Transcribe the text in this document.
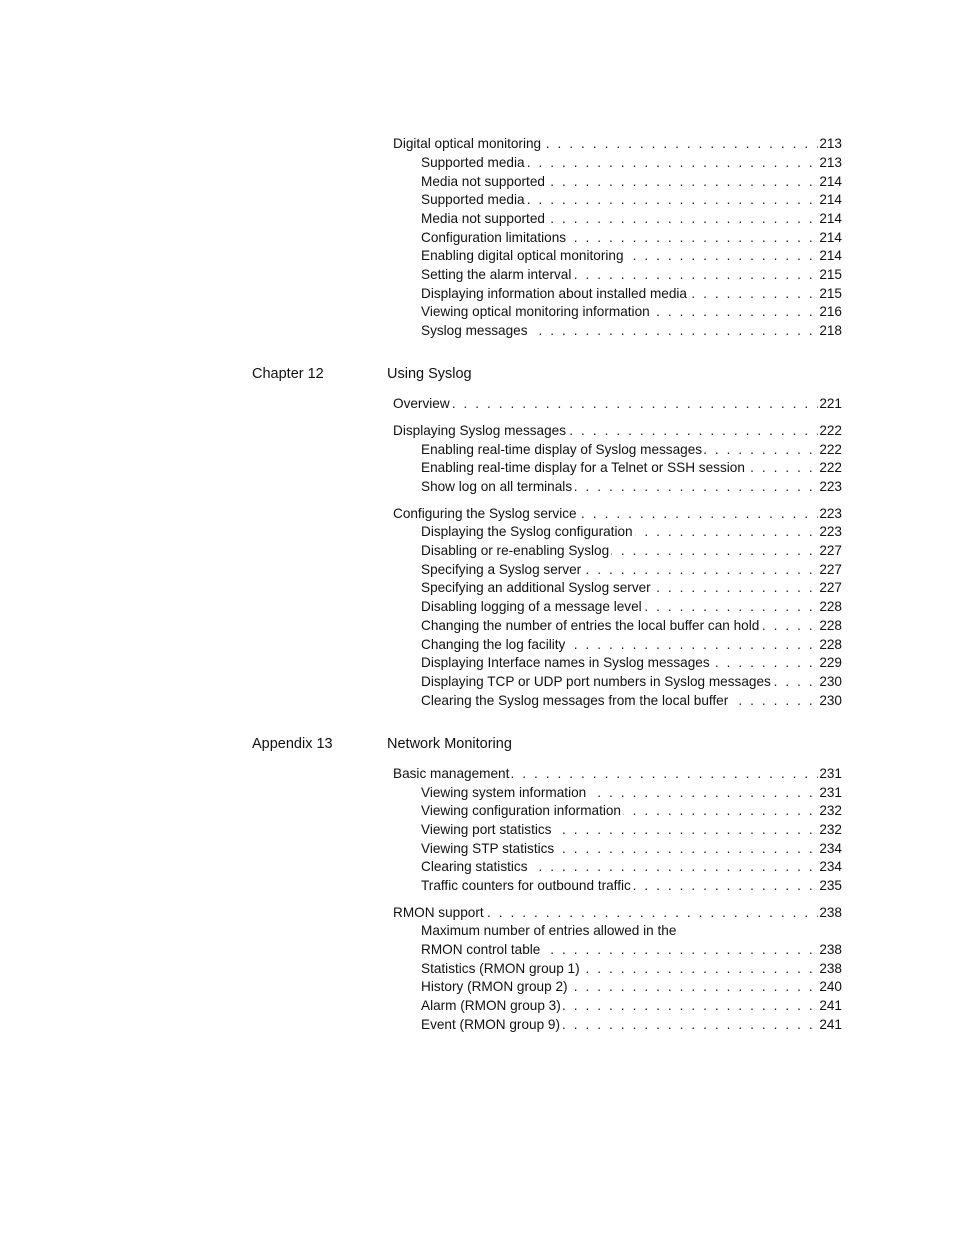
. . .
Digital optical monitoring	213
. . .
Supported media	213
. . .
Media not supported	214
. . .
Supported media	214
. . .
Media not supported	214
. . .
Configuration limitations	214
. . .
Enabling digital optical monitoring	214
. . .
Setting the alarm interval	215
. . .
Displaying information about installed media	215
. . .
Viewing optical monitoring information	216
. . .
Syslog messages	218
Chapter 12	Using Syslog
. . .
Overview	221
. . .
Displaying Syslog messages	222
. . .
Enabling real-time display of Syslog messages	222
. . .
Enabling real-time display for a Telnet or SSH session	222
. . .
Show log on all terminals	223
. . .
Configuring the Syslog service	223
. . .
Displaying the Syslog configuration	223
. . .
Disabling or re-enabling Syslog	227
. . .
Specifying a Syslog server	227
. . .
Specifying an additional Syslog server	227
. . .
Disabling logging of a message level	228
. . .
Changing the number of entries the local buffer can hold	228
. . .
Changing the log facility	228
. . .
Displaying Interface names in Syslog messages	229
. . .
Displaying TCP or UDP port numbers in Syslog messages	230
. . .
Clearing the Syslog messages from the local buffer	230
Appendix 13	Network Monitoring
. . .
Basic management	231
. . .
Viewing system information	231
. . .
Viewing configuration information	232
. . .
Viewing port statistics	232
. . .
Viewing STP statistics	234
. . .
Clearing statistics	234
. . .
Traffic counters for outbound traffic	235
. . .
RMON support	238
Maximum number of entries allowed in the
. . .
RMON control table	238
. . .
Statistics (RMON group 1)	238
. . .
History (RMON group 2)	240
. . .
Alarm (RMON group 3)	241
. . .
Event (RMON group 9)	241
